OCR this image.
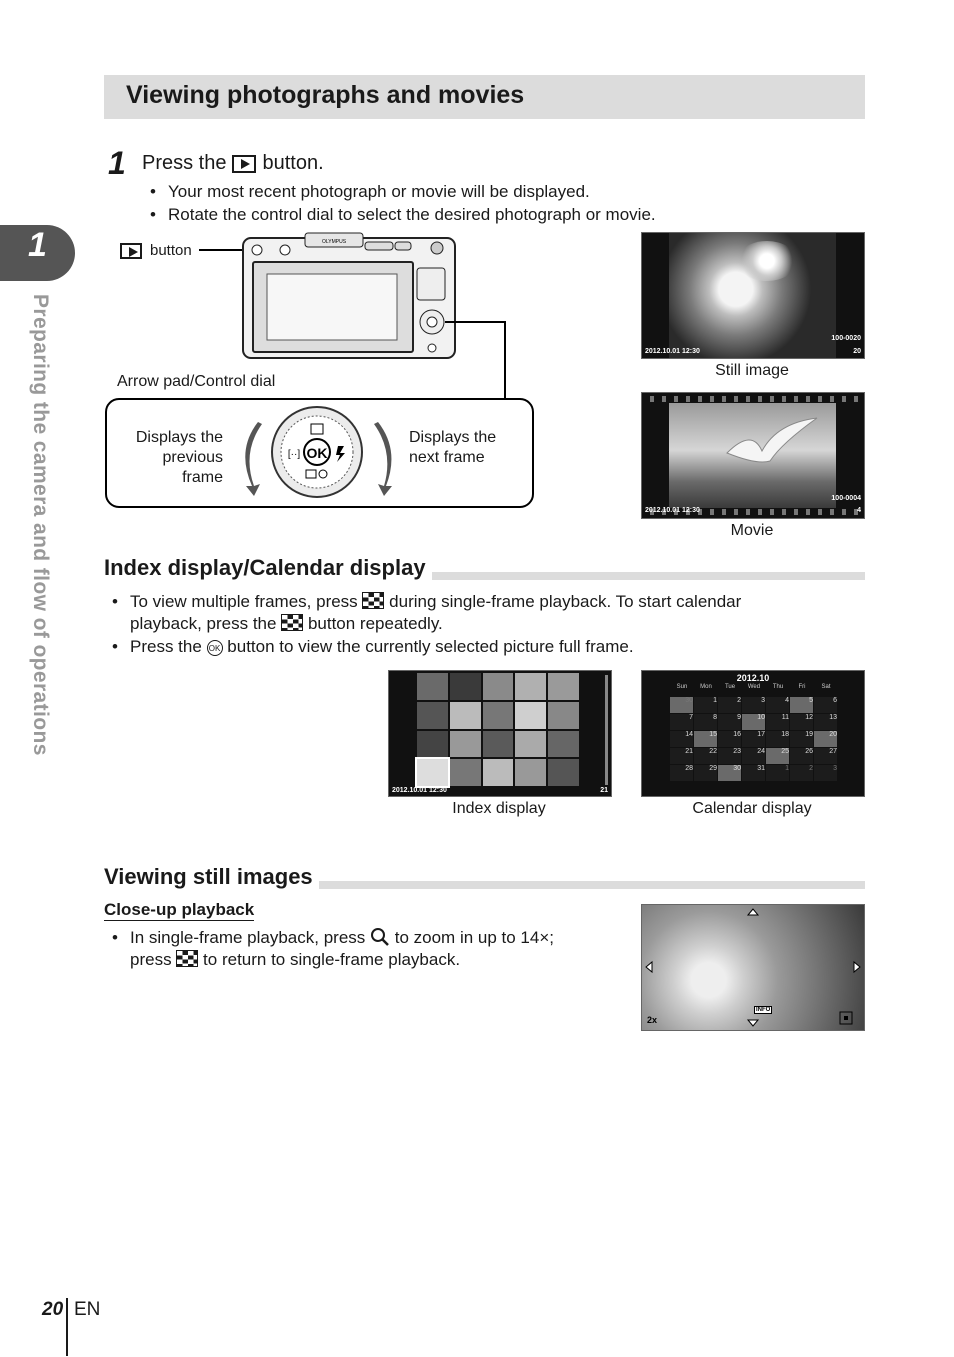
Viewing photographs and movies
1
Preparing the camera and flow of operations
1 Press the button.
• Your most recent photograph or movie will be displayed.
• Rotate the control dial to select the desired photograph or movie.
button	OLYMPUS
Arrow pad/Control dial
Displays the previous frame
Displays the next frame
OK
[··]
2012.10.01 12:30
100-0020
20
Still image
2012.10.01 12:30
100-0004
4
Movie
Index display/Calendar display
• To view multiple frames, press during single-frame playback. To start calendar
playback, press the button repeatedly.
• Press the OK button to view the currently selected picture full frame.
2012.10.01 12:30	21
Index display
2012.10
Sun	Mon	Tue	Wed	Thu	Fri	Sat
30	1	2	3	4	5	6
7	8	9	10	11	12	13
14	15	16	17	18	19	20
21	22	23	24	25	26	27
28	29	30	31	1	2	3
Calendar display
Viewing still images
Close-up playback
• In single-frame playback, press to zoom in up to 14×;
press to return to single-frame playback.
2x
INFO
20 EN
